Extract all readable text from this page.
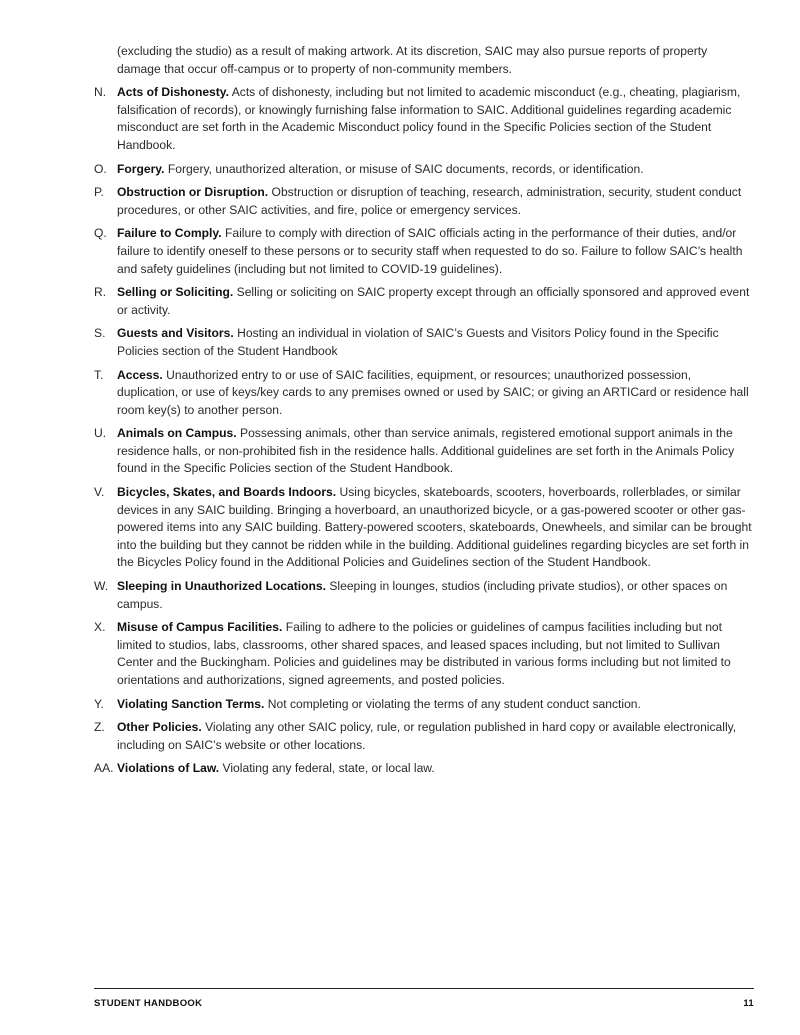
(excluding the studio) as a result of making artwork. At its discretion, SAIC may also pursue reports of property damage that occur off-campus or to property of non-community members.
N. Acts of Dishonesty. Acts of dishonesty, including but not limited to academic misconduct (e.g., cheating, plagiarism, falsification of records), or knowingly furnishing false information to SAIC. Additional guidelines regarding academic misconduct are set forth in the Academic Misconduct policy found in the Specific Policies section of the Student Handbook.
O. Forgery. Forgery, unauthorized alteration, or misuse of SAIC documents, records, or identification.
P.	Obstruction or Disruption. Obstruction or disruption of teaching, research, administration, security, student conduct procedures, or other SAIC activities, and fire, police or emergency services.
Q. Failure to Comply. Failure to comply with direction of SAIC officials acting in the performance of their duties, and/or failure to identify oneself to these persons or to security staff when requested to do so. Failure to follow SAIC’s health and safety guidelines (including but not limited to COVID-19 guidelines).
R. Selling or Soliciting. Selling or soliciting on SAIC property except through an officially sponsored and approved event or activity.
S. Guests and Visitors. Hosting an individual in violation of SAIC’s Guests and Visitors Policy found in the Specific Policies section of the Student Handbook
T.	Access. Unauthorized entry to or use of SAIC facilities, equipment, or resources; unauthorized possession, duplication, or use of keys/key cards to any premises owned or used by SAIC; or giving an ARTICard or residence hall room key(s) to another person.
U. Animals on Campus. Possessing animals, other than service animals, registered emotional support animals in the residence halls, or non-prohibited fish in the residence halls. Additional guidelines are set forth in the Animals Policy found in the Specific Policies section of the Student Handbook.
V.	Bicycles, Skates, and Boards Indoors. Using bicycles, skateboards, scooters, hoverboards, rollerblades, or similar devices in any SAIC building. Bringing a hoverboard, an unauthorized bicycle, or a gas-powered scooter or other gas-powered items into any SAIC building. Battery-powered scooters, skateboards, Onewheels, and similar can be brought into the building but they cannot be ridden while in the building. Additional guidelines regarding bicycles are set forth in the Bicycles Policy found in the Additional Policies and Guidelines section of the Student Handbook.
W. Sleeping in Unauthorized Locations. Sleeping in lounges, studios (including private studios), or other spaces on campus.
X. Misuse of Campus Facilities. Failing to adhere to the policies or guidelines of campus facilities including but not limited to studios, labs, classrooms, other shared spaces, and leased spaces including, but not limited to Sullivan Center and the Buckingham. Policies and guidelines may be distributed in various forms including but not limited to orientations and authorizations, signed agreements, and posted policies.
Y.	Violating Sanction Terms. Not completing or violating the terms of any student conduct sanction.
Z.	Other Policies. Violating any other SAIC policy, rule, or regulation published in hard copy or available electronically, including on SAIC’s website or other locations.
AA. Violations of Law. Violating any federal, state, or local law.
STUDENT HANDBOOK	11
